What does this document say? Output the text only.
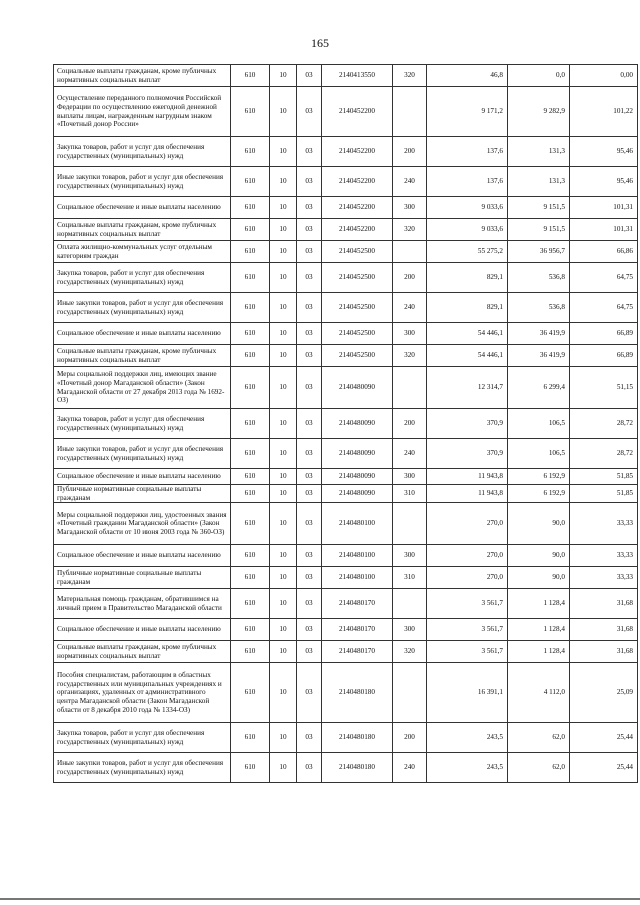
165
Социальные выплаты гражданам, кроме публичных нормативных социальных выплат	610	10	03	2140413550	320	46,8	0,0	0,00
Осуществление переданного полномочия Российской Федерации по осуществлению ежегодной денежной выплаты лицам, награжденным нагрудным знаком «Почетный донор России»	610	10	03	2140452200		9 171,2	9 282,9	101,22
Закупка товаров, работ и услуг для обеспечения государственных (муниципальных) нужд	610	10	03	2140452200	200	137,6	131,3	95,46
Иные закупки товаров, работ и услуг для обеспечения государственных (муниципальных) нужд	610	10	03	2140452200	240	137,6	131,3	95,46
Социальное обеспечение и иные выплаты населению	610	10	03	2140452200	300	9 033,6	9 151,5	101,31
Социальные выплаты гражданам, кроме публичных нормативных социальных выплат	610	10	03	2140452200	320	9 033,6	9 151,5	101,31
Оплата жилищно-коммунальных услуг отдельным категориям граждан	610	10	03	2140452500		55 275,2	36 956,7	66,86
Закупка товаров, работ и услуг для обеспечения государственных (муниципальных) нужд	610	10	03	2140452500	200	829,1	536,8	64,75
Иные закупки товаров, работ и услуг для обеспечения государственных (муниципальных) нужд	610	10	03	2140452500	240	829,1	536,8	64,75
Социальное обеспечение и иные выплаты населению	610	10	03	2140452500	300	54 446,1	36 419,9	66,89
Социальные выплаты гражданам, кроме публичных нормативных социальных выплат	610	10	03	2140452500	320	54 446,1	36 419,9	66,89
Меры социальной поддержки лиц, имеющих звание «Почетный донор Магаданской области» (Закон Магаданской области от 27 декабря 2013 года № 1692-ОЗ)	610	10	03	2140480090		12 314,7	6 299,4	51,15
Закупка товаров, работ и услуг для обеспечения государственных (муниципальных) нужд	610	10	03	2140480090	200	370,9	106,5	28,72
Иные закупки товаров, работ и услуг для обеспечения государственных (муниципальных) нужд	610	10	03	2140480090	240	370,9	106,5	28,72
Социальное обеспечение и иные выплаты населению	610	10	03	2140480090	300	11 943,8	6 192,9	51,85
Публичные нормативные социальные выплаты гражданам	610	10	03	2140480090	310	11 943,8	6 192,9	51,85
Меры социальной поддержки лиц, удостоенных звания «Почетный гражданин Магаданской области» (Закон Магаданской области от 10 июня 2003 года № 360-ОЗ)	610	10	03	2140480100		270,0	90,0	33,33
Социальное обеспечение и иные выплаты населению	610	10	03	2140480100	300	270,0	90,0	33,33
Публичные нормативные социальные выплаты гражданам	610	10	03	2140480100	310	270,0	90,0	33,33
Материальная помощь гражданам, обратившимся на личный прием в Правительство Магаданской области	610	10	03	2140480170		3 561,7	1 128,4	31,68
Социальное обеспечение и иные выплаты населению	610	10	03	2140480170	300	3 561,7	1 128,4	31,68
Социальные выплаты гражданам, кроме публичных нормативных социальных выплат	610	10	03	2140480170	320	3 561,7	1 128,4	31,68
Пособия специалистам, работающим в областных государственных или муниципальных учреждениях и организациях, удаленных от административного центра Магаданской области (Закон Магаданской области от 8 декабря 2010 года № 1334-ОЗ)	610	10	03	2140480180		16 391,1	4 112,0	25,09
Закупка товаров, работ и услуг для обеспечения государственных (муниципальных) нужд	610	10	03	2140480180	200	243,5	62,0	25,44
Иные закупки товаров, работ и услуг для обеспечения государственных (муниципальных) нужд	610	10	03	2140480180	240	243,5	62,0	25,44
